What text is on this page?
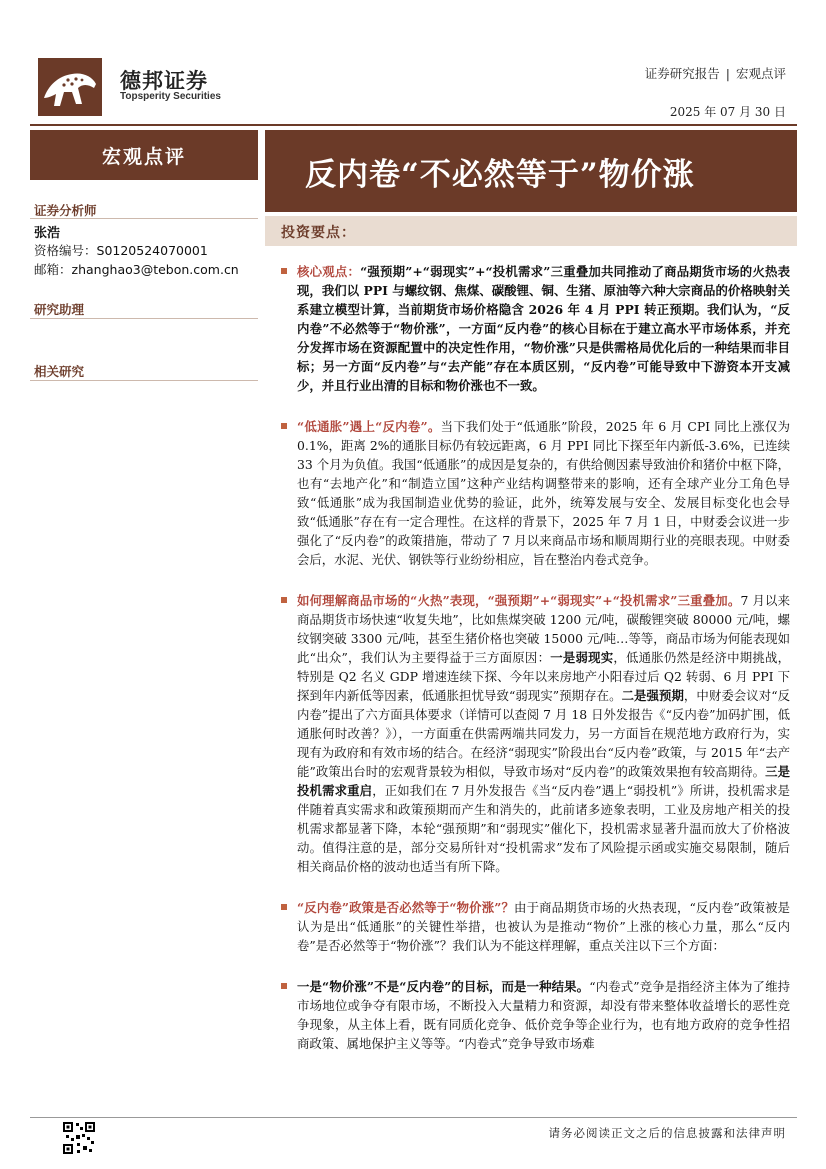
德邦证券
Topsperity Securities
证券研究报告 | 宏观点评
2025 年 07 月 30 日
宏观点评	反内卷“不必然等于”物价涨
证券分析师
张浩
资格编号：S0120524070001
邮箱：zhanghao3@tebon.com.cn
研究助理
相关研究
投资要点：

核心观点：“强预期”+“弱现实”+“投机需求”三重叠加共同推动了商品期货市场的火热表现，我们以 PPI 与螺纹钢、焦煤、碳酸锂、铜、生猪、原油等六种大宗商品的价格映射关系建立模型计算，当前期货市场价格隐含 2026 年 4 月 PPI 转正预期。我们认为，“反内卷”不必然等于“物价涨”，一方面“反内卷”的核心目标在于建立高水平市场体系，并充分发挥市场在资源配置中的决定性作用，“物价涨”只是供需格局优化后的一种结果而非目标；另一方面“反内卷”与“去产能”存在本质区别，“反内卷”可能导致中下游资本开支减少，并且行业出清的目标和物价涨也不一致。

“低通胀”遇上“反内卷”。当下我们处于“低通胀”阶段，2025 年 6 月 CPI 同比上涨仅为 0.1%，距离 2%的通胀目标仍有较远距离，6 月 PPI 同比下探至年内新低-3.6%，已连续 33 个月为负值。我国“低通胀”的成因是复杂的，有供给侧因素导致油价和猪价中枢下降，也有“去地产化”和“制造立国”这种产业结构调整带来的影响，还有全球产业分工角色导致“低通胀”成为我国制造业优势的验证，此外，统筹发展与安全、发展目标变化也会导致“低通胀”存在有一定合理性。在这样的背景下，2025 年 7 月 1 日，中财委会议进一步强化了“反内卷”的政策措施，带动了 7 月以来商品市场和顺周期行业的亮眼表现。中财委会后，水泥、光伏、钢铁等行业纷纷相应，旨在整治内卷式竞争。

如何理解商品市场的“火热”表现，“强预期”+“弱现实”+“投机需求”三重叠加。7 月以来商品期货市场快速“收复失地”，比如焦煤突破 1200 元/吨，碳酸锂突破 80000 元/吨，螺纹钢突破 3300 元/吨，甚至生猪价格也突破 15000 元/吨…等等，商品市场为何能表现如此“出众”，我们认为主要得益于三方面原因：一是弱现实，低通胀仍然是经济中期挑战，特别是 Q2 名义 GDP 增速连续下探、今年以来房地产小阳春过后 Q2 转弱、6 月 PPI 下探到年内新低等因素，低通胀担忧导致“弱现实”预期存在。二是强预期，中财委会议对“反内卷”提出了六方面具体要求（详情可以查阅 7 月 18 日外发报告《“反内卷”加码扩围，低通胀何时改善？》），一方面重在供需两端共同发力，另一方面旨在规范地方政府行为，实现有为政府和有效市场的结合。在经济“弱现实”阶段出台“反内卷”政策，与 2015 年“去产能”政策出台时的宏观背景较为相似，导致市场对“反内卷”的政策效果抱有较高期待。三是投机需求重启，正如我们在 7 月外发报告《当“反内卷”遇上“弱投机”》所讲，投机需求是伴随着真实需求和政策预期而产生和消失的，此前诸多迹象表明，工业及房地产相关的投机需求都显著下降，本轮“强预期”和“弱现实”催化下，投机需求显著升温而放大了价格波动。值得注意的是，部分交易所针对“投机需求”发布了风险提示函或实施交易限制，随后相关商品价格的波动也适当有所下降。

“反内卷”政策是否必然等于“物价涨”？由于商品期货市场的火热表现，“反内卷”政策被是认为是出“低通胀”的关键性举措，也被认为是推动“物价”上涨的核心力量，那么“反内卷”是否必然等于“物价涨”？我们认为不能这样理解，重点关注以下三个方面：

一是“物价涨”不是“反内卷”的目标，而是一种结果。“内卷式”竞争是指经济主体为了维持市场地位或争夺有限市场，不断投入大量精力和资源，却没有带来整体收益增长的恶性竞争现象，从主体上看，既有同质化竞争、低价竞争等企业行为，也有地方政府的竞争性招商政策、属地保护主义等等。“内卷式”竞争导致市场难

请务必阅读正文之后的信息披露和法律声明
